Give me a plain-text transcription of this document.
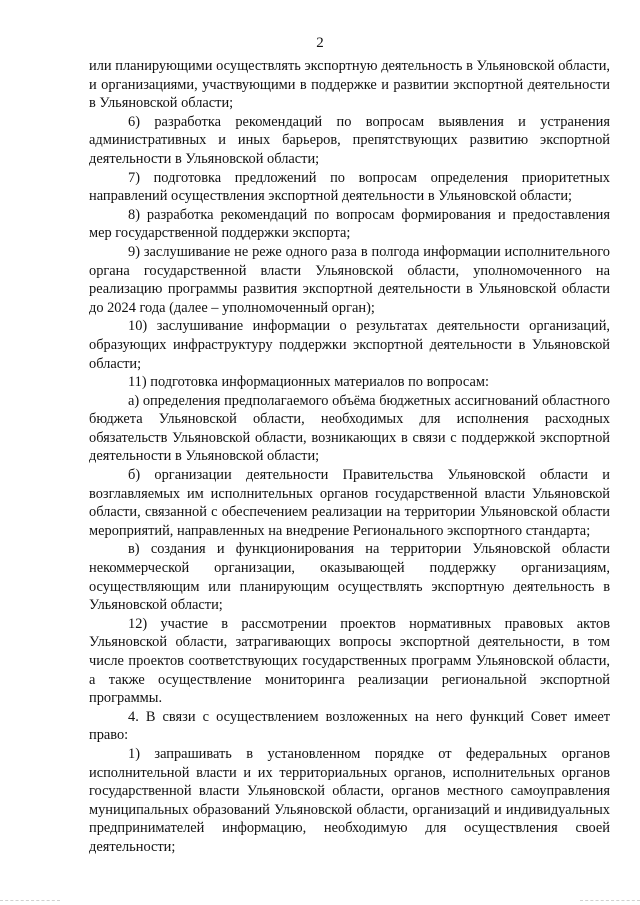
2

или планирующими осуществлять экспортную деятельность в Ульяновской области, и организациями, участвующими в поддержке и развитии экспортной деятельности в Ульяновской области;

6) разработка рекомендаций по вопросам выявления и устранения административных и иных барьеров, препятствующих развитию экспортной деятельности в Ульяновской области;

7) подготовка предложений по вопросам определения приоритетных направлений осуществления экспортной деятельности в Ульяновской области;

8) разработка рекомендаций по вопросам формирования и предоставления мер государственной поддержки экспорта;

9) заслушивание не реже одного раза в полгода информации исполнительного органа государственной власти Ульяновской области, уполномоченного на реализацию программы развития экспортной деятельности в Ульяновской области до 2024 года (далее – уполномоченный орган);

10) заслушивание информации о результатах деятельности организаций, образующих инфраструктуру поддержки экспортной деятельности в Ульяновской области;

11) подготовка информационных материалов по вопросам:

а) определения предполагаемого объёма бюджетных ассигнований областного бюджета Ульяновской области, необходимых для исполнения расходных обязательств Ульяновской области, возникающих в связи с поддержкой экспортной деятельности в Ульяновской области;

б) организации деятельности Правительства Ульяновской области и возглавляемых им исполнительных органов государственной власти Ульяновской области, связанной с обеспечением реализации на территории Ульяновской области мероприятий, направленных на внедрение Регионального экспортного стандарта;

в) создания и функционирования на территории Ульяновской области некоммерческой организации, оказывающей поддержку организациям, осуществляющим или планирующим осуществлять экспортную деятельность в Ульяновской области;

12) участие в рассмотрении проектов нормативных правовых актов Ульяновской области, затрагивающих вопросы экспортной деятельности, в том числе проектов соответствующих государственных программ Ульяновской области, а также осуществление мониторинга реализации региональной экспортной программы.

4. В связи с осуществлением возложенных на него функций Совет имеет право:

1) запрашивать в установленном порядке от федеральных органов исполнительной власти и их территориальных органов, исполнительных органов государственной власти Ульяновской области, органов местного самоуправления муниципальных образований Ульяновской области, организаций и индивидуальных предпринимателей информацию, необходимую для осуществления своей деятельности;
